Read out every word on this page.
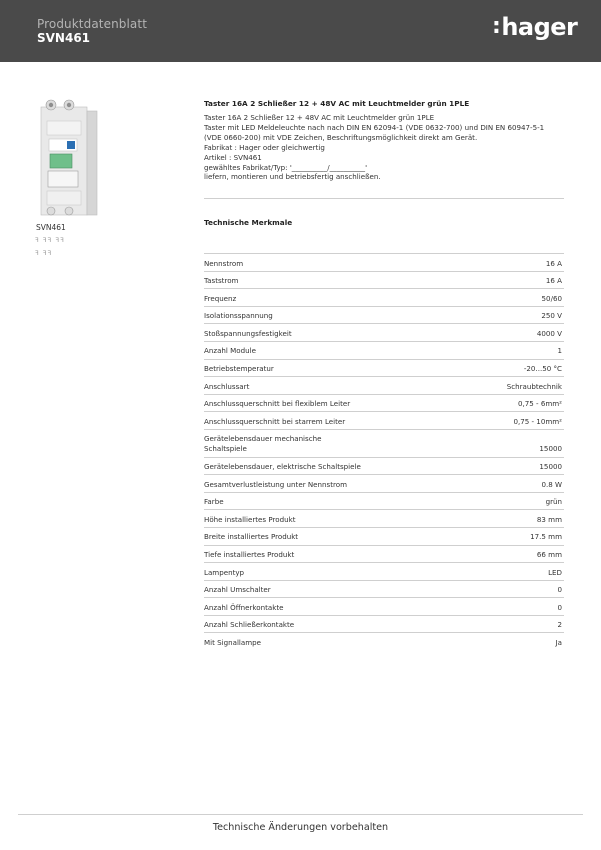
Produktdatenblatt
SVN461	:hager
SVN461
ꟻ ꟻꟻ ꟻꟻ
ꟻ ꟻꟻ
Taster 16A 2 Schließer 12 + 48V AC mit Leuchtmelder grün 1PLE
Taster 16A 2 Schließer 12 + 48V AC mit Leuchtmelder grün 1PLE
Taster mit LED Meldeleuchte nach nach DIN EN 62094-1 (VDE 0632-700) und DIN EN 60947-5-1
(VDE 0660-200) mit VDE Zeichen, Beschriftungsmöglichkeit direkt am Gerät.
Fabrikat : Hager oder gleichwertig
Artikel : SVN461
gewähltes Fabrikat/Typ: '__________/__________'
liefern, montieren und betriebsfertig anschließen.
Technische Merkmale
Nennstrom	16 A
Taststrom	16 A
Frequenz	50/60
Isolationsspannung	250 V
Stoßspannungsfestigkeit	4000 V
Anzahl Module	1
Betriebstemperatur	-20...50 °C
Anschlussart	Schraubtechnik
Anschlussquerschnitt bei flexiblem Leiter	0,75 - 6mm²
Anschlussquerschnitt bei starrem Leiter	0,75 - 10mm²
Gerätelebensdauer mechanische Schaltspiele	15000
Gerätelebensdauer, elektrische Schaltspiele	15000
Gesamtverlustleistung unter Nennstrom	0.8 W
Farbe	grün
Höhe installiertes Produkt	83 mm
Breite installiertes Produkt	17.5 mm
Tiefe installiertes Produkt	66 mm
Lampentyp	LED
Anzahl Umschalter	0
Anzahl Öffnerkontakte	0
Anzahl Schließerkontakte	2
Mit Signallampe	Ja
Technische Änderungen vorbehalten
